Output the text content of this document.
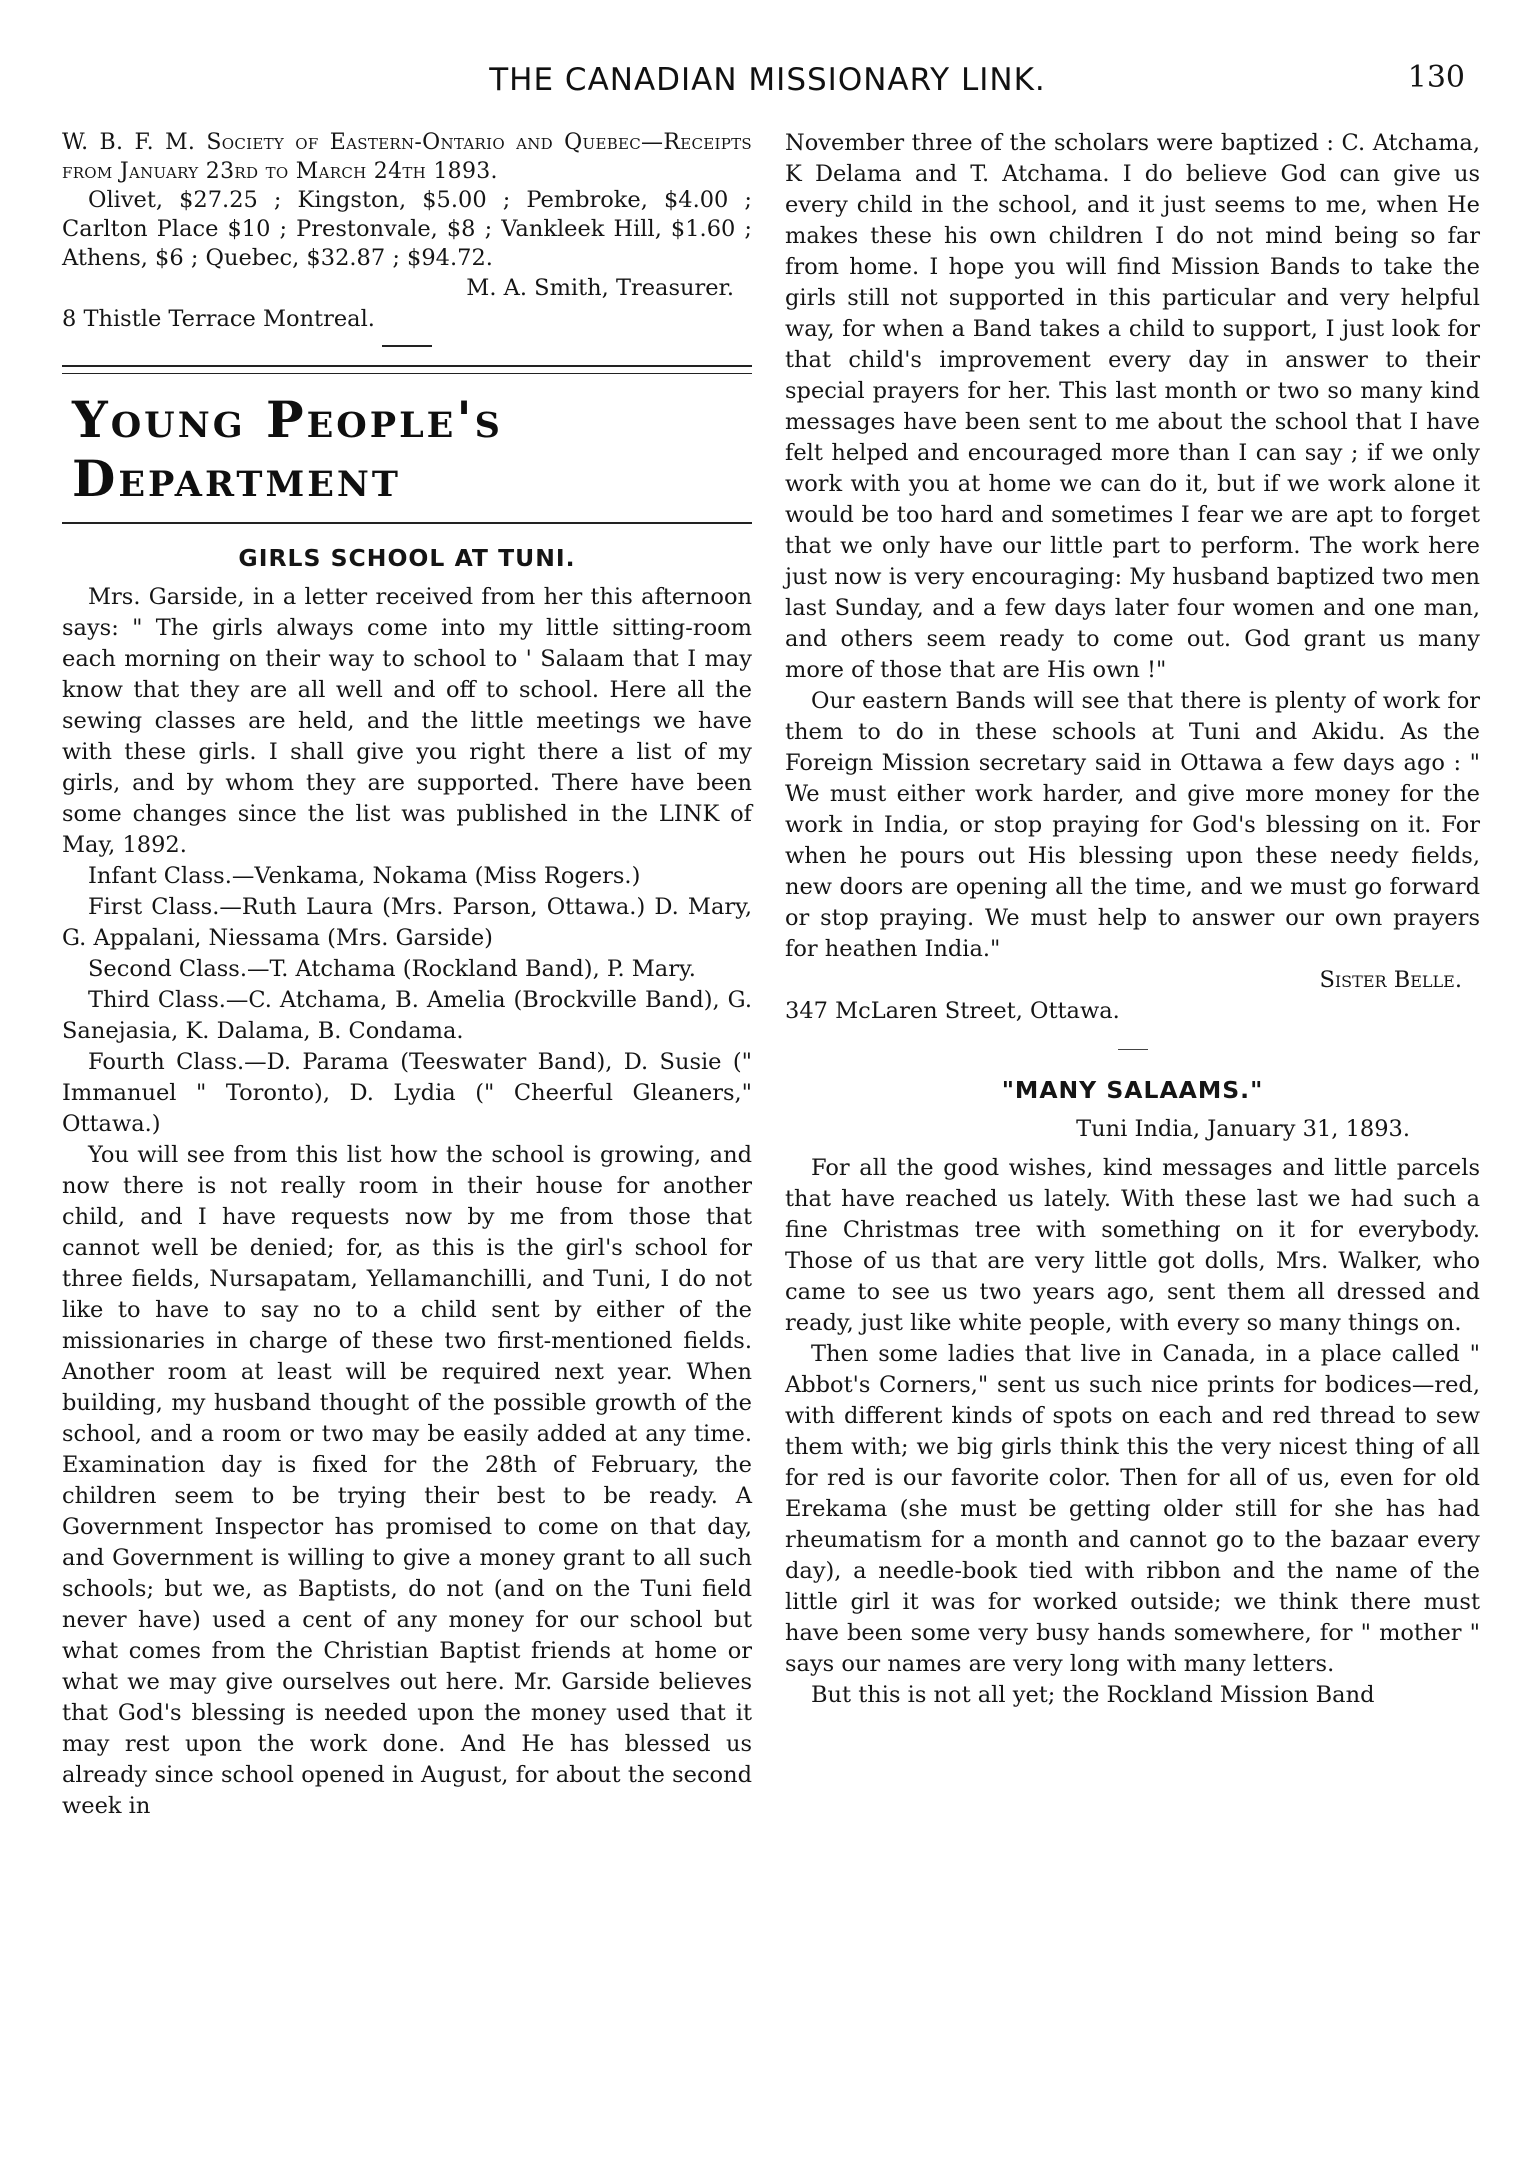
THE CANADIAN MISSIONARY LINK.	130

W. B. F. M. Society of Eastern-Ontario and Quebec—Receipts from January 23rd to March 24th 1893.

Olivet, $27.25 ; Kingston, $5.00 ; Pembroke, $4.00 ; Carlton Place $10 ; Prestonvale, $8 ; Vankleek Hill, $1.60 ; Athens, $6 ; Quebec, $32.87 ; $94.72.

M. A. Smith, Treasurer.

8 Thistle Terrace Montreal.

Young People's Department
GIRLS SCHOOL AT TUNI.

Mrs. Garside, in a letter received from her this afternoon says: " The girls always come into my little sitting-room each morning on their way to school to ' Salaam that I may know that they are all well and off to school. Here all the sewing classes are held, and the little meetings we have with these girls. I shall give you right there a list of my girls, and by whom they are supported. There have been some changes since the list was published in the LINK of May, 1892.

Infant Class.—Venkama, Nokama (Miss Rogers.)

First Class.—Ruth Laura (Mrs. Parson, Ottawa.) D. Mary, G. Appalani, Niessama (Mrs. Garside)

Second Class.—T. Atchama (Rockland Band), P. Mary.

Third Class.—C. Atchama, B. Amelia (Brockville Band), G. Sanejasia, K. Dalama, B. Condama.

Fourth Class.—D. Parama (Teeswater Band), D. Susie (" Immanuel " Toronto), D. Lydia (" Cheerful Gleaners," Ottawa.)

You will see from this list how the school is growing, and now there is not really room in their house for another child, and I have requests now by me from those that cannot well be denied; for, as this is the girl's school for three fields, Nursapatam, Yellamanchilli, and Tuni, I do not like to have to say no to a child sent by either of the missionaries in charge of these two first-mentioned fields. Another room at least will be required next year. When building, my husband thought of the possible growth of the school, and a room or two may be easily added at any time. Examination day is fixed for the 28th of February, the children seem to be trying their best to be ready. A Government Inspector has promised to come on that day, and Government is willing to give a money grant to all such schools; but we, as Baptists, do not (and on the Tuni field never have) used a cent of any money for our school but what comes from the Christian Baptist friends at home or what we may give ourselves out here. Mr. Garside believes that God's blessing is needed upon the money used that it may rest upon the work done. And He has blessed us already since school opened in August, for about the second week in

November three of the scholars were baptized : C. Atchama, K Delama and T. Atchama. I do believe God can give us every child in the school, and it just seems to me, when He makes these his own children I do not mind being so far from home. I hope you will find Mission Bands to take the girls still not supported in this particular and very helpful way, for when a Band takes a child to support, I just look for that child's improvement every day in answer to their special prayers for her. This last month or two so many kind messages have been sent to me about the school that I have felt helped and encouraged more than I can say ; if we only work with you at home we can do it, but if we work alone it would be too hard and sometimes I fear we are apt to forget that we only have our little part to perform. The work here just now is very encouraging: My husband baptized two men last Sunday, and a few days later four women and one man, and others seem ready to come out. God grant us many more of those that are His own !"

Our eastern Bands will see that there is plenty of work for them to do in these schools at Tuni and Akidu. As the Foreign Mission secretary said in Ottawa a few days ago : " We must either work harder, and give more money for the work in India, or stop praying for God's blessing on it. For when he pours out His blessing upon these needy fields, new doors are opening all the time, and we must go forward or stop praying. We must help to answer our own prayers for heathen India."

Sister Belle.

347 McLaren Street, Ottawa.

"MANY SALAAMS."

Tuni India, January 31, 1893.

For all the good wishes, kind messages and little parcels that have reached us lately. With these last we had such a fine Christmas tree with something on it for everybody. Those of us that are very little got dolls, Mrs. Walker, who came to see us two years ago, sent them all dressed and ready, just like white people, with every so many things on.

Then some ladies that live in Canada, in a place called " Abbot's Corners," sent us such nice prints for bodices—red, with different kinds of spots on each and red thread to sew them with; we big girls think this the very nicest thing of all for red is our favorite color. Then for all of us, even for old Erekama (she must be getting older still for she has had rheumatism for a month and cannot go to the bazaar every day), a needle-book tied with ribbon and the name of the little girl it was for worked outside; we think there must have been some very busy hands somewhere, for " mother " says our names are very long with many letters.

But this is not all yet; the Rockland Mission Band
